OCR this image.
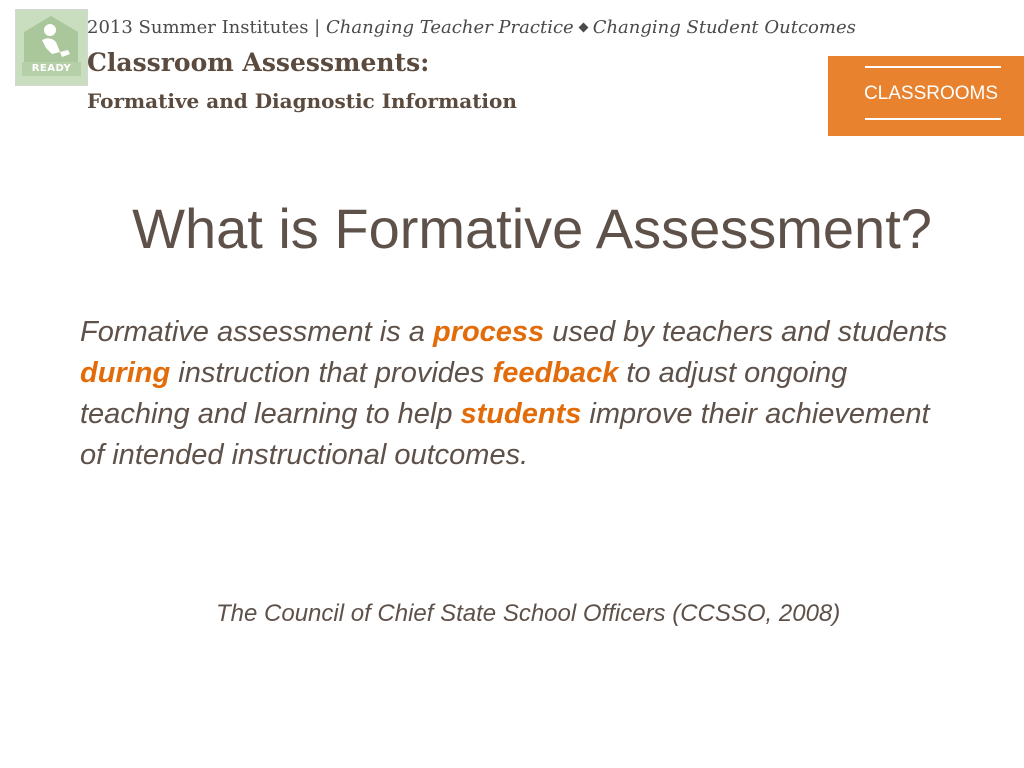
READY
2013 Summer Institutes | Changing Teacher Practice Changing Student Outcomes
Classroom Assessments:
Formative and Diagnostic Information	CLASSROOMS
What is Formative Assessment?
Formative assessment is a process used by teachers and students during instruction that provides feedback to adjust ongoing teaching and learning to help students improve their achievement of intended instructional outcomes.
The Council of Chief State School Officers (CCSSO, 2008)
